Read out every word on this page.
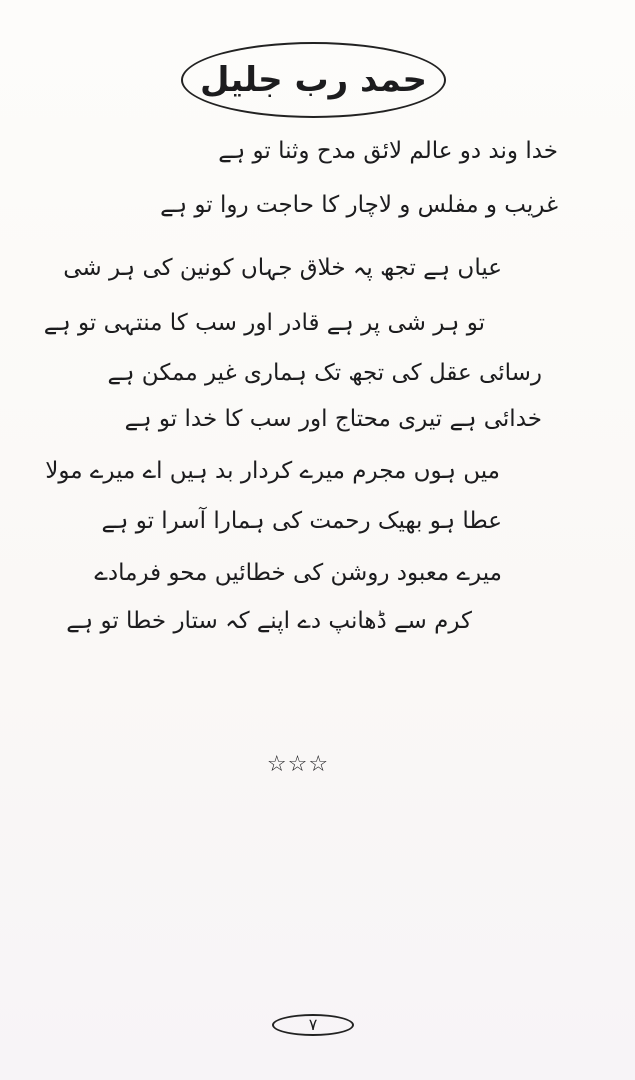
حمد رب جلیل
خدا وند دو عالم لائق مدح وثنا تو ہے
غریب و مفلس و لاچار کا حاجت روا تو ہے
عیاں ہے تجھ پہ خلاق جہاں کونین کی ہر شی
تو ہر شی پر ہے قادر اور سب کا منتہی تو ہے
رسائی عقل کی تجھ تک ہماری غیر ممکن ہے
خدائی ہے تیری محتاج اور سب کا خدا تو ہے
میں ہوں مجرم میرے کردار بد ہیں اے میرے مولا
عطا ہو بھیک رحمت کی ہمارا آسرا تو ہے
میرے معبود روشن کی خطائیں محو فرمادے
کرم سے ڈھانپ دے اپنے کہ ستار خطا تو ہے
☆☆☆
۷
